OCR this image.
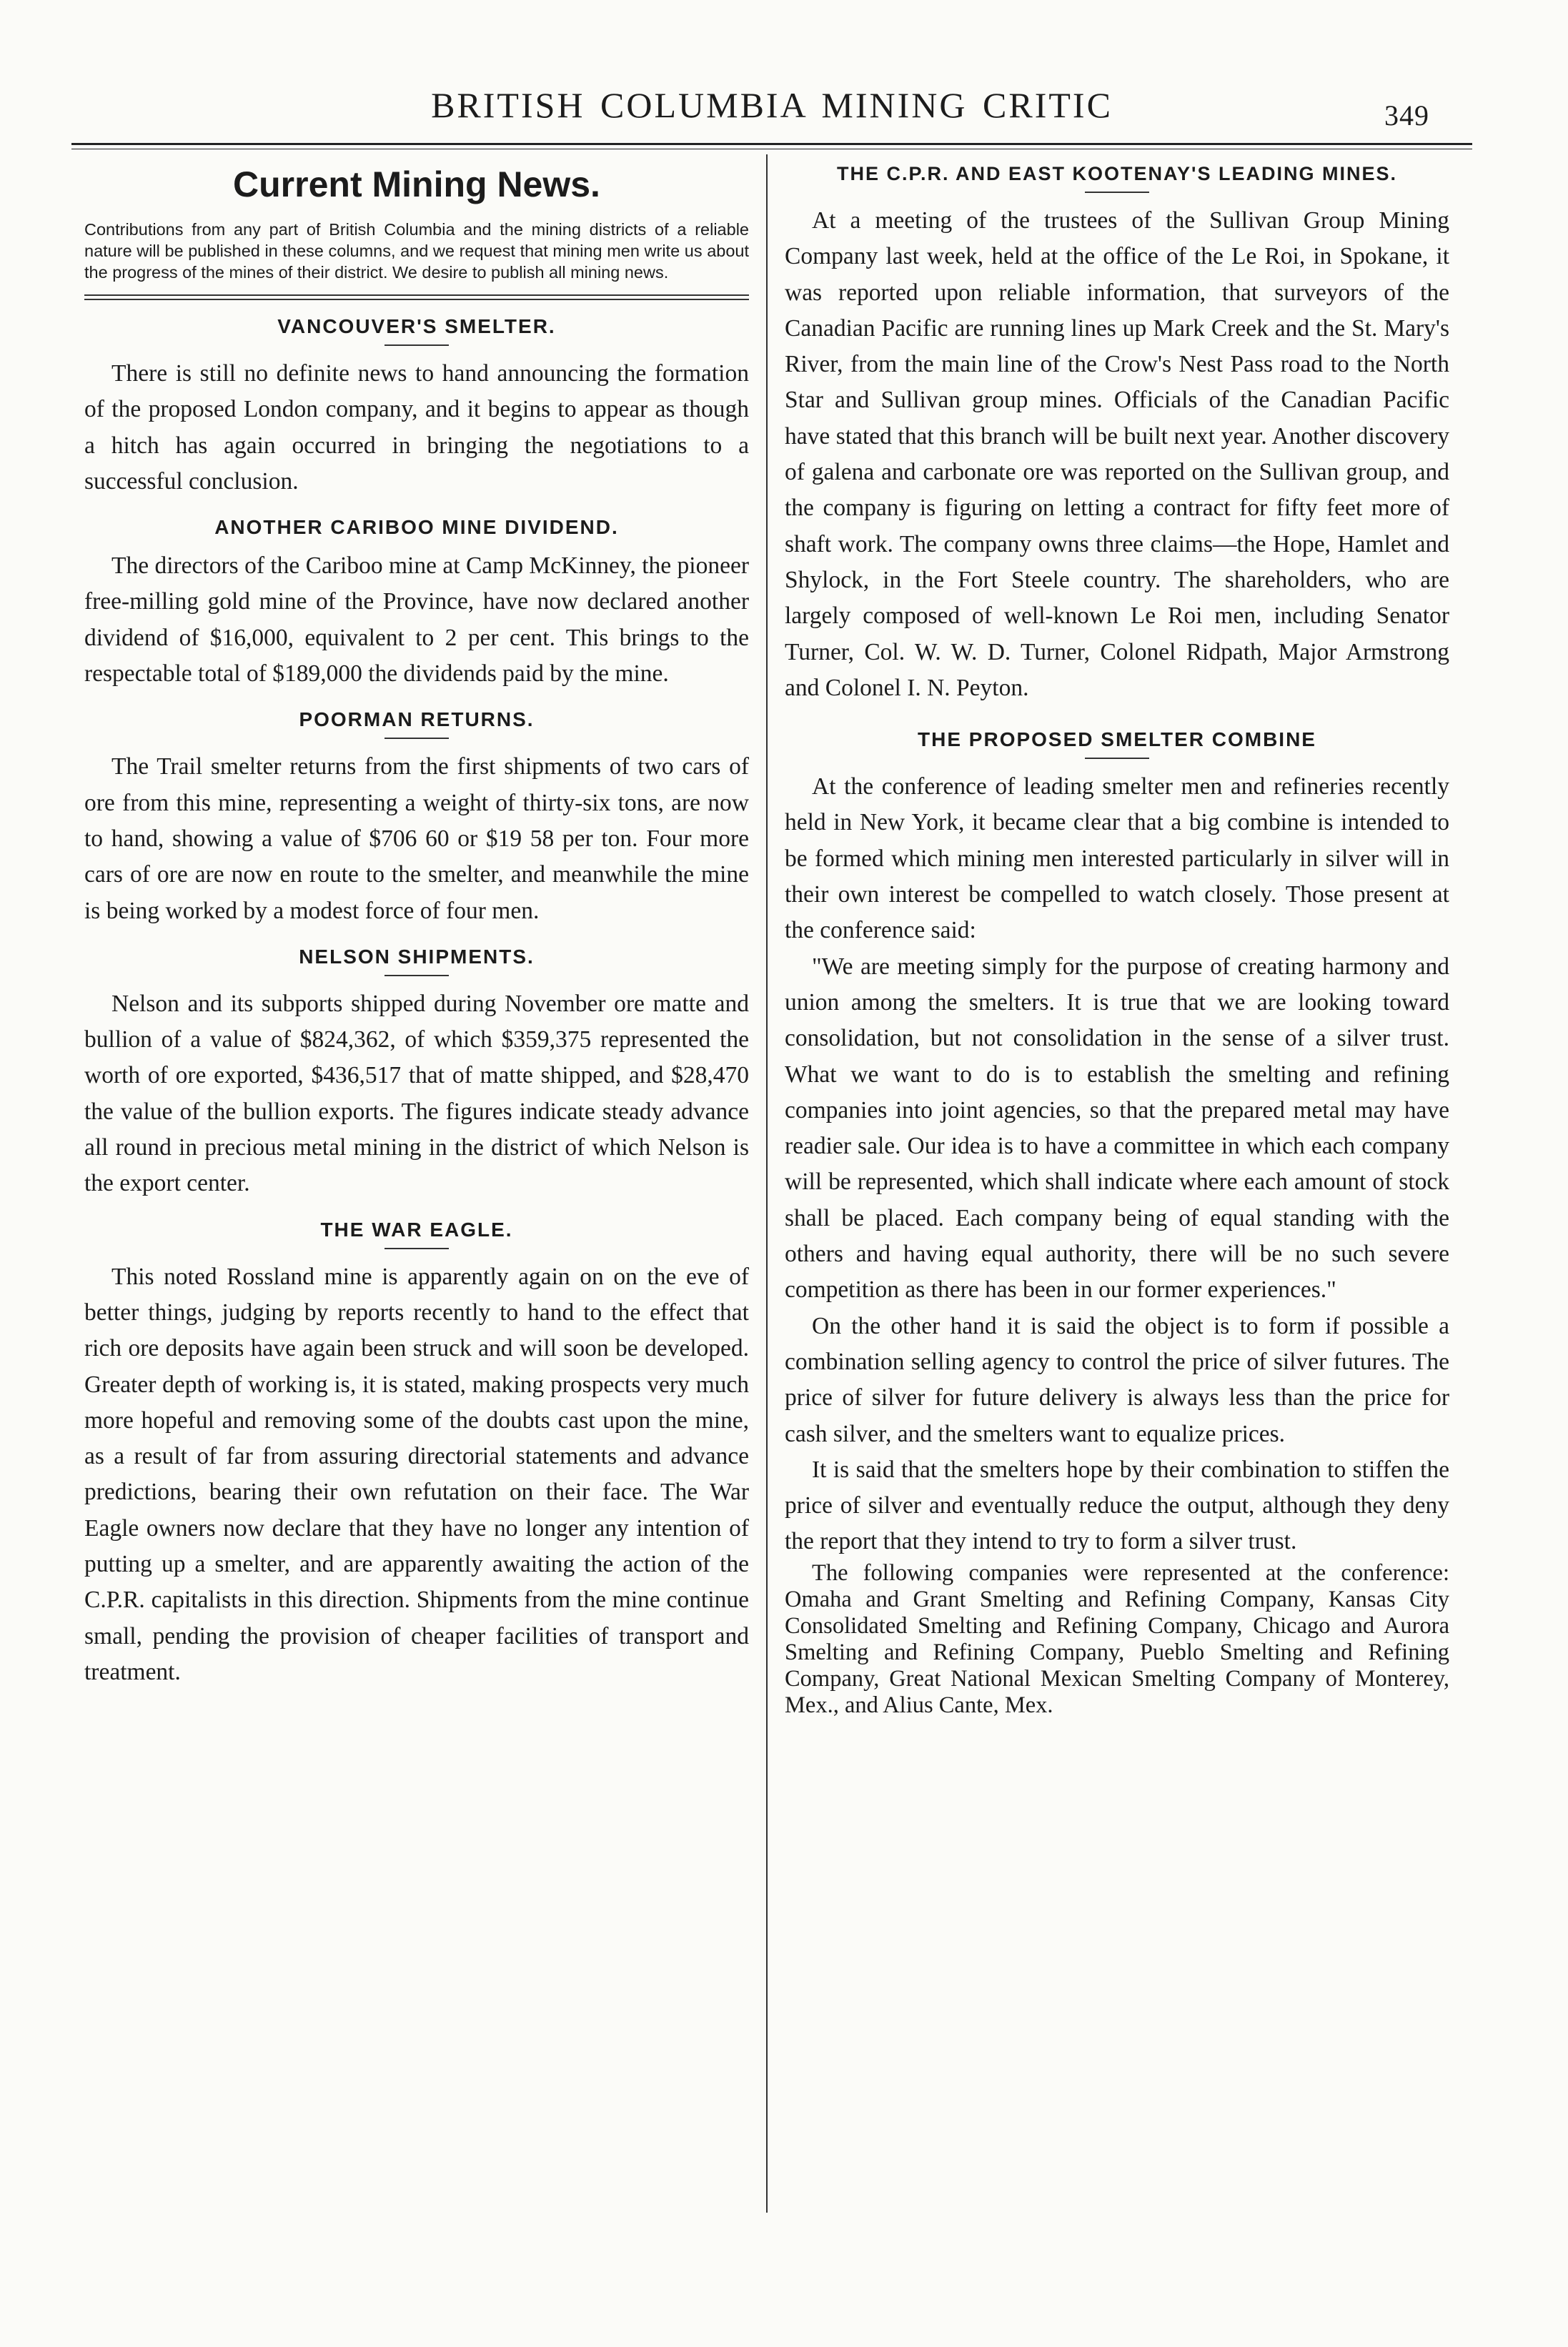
BRITISH COLUMBIA MINING CRITIC	349
Current Mining News.
Contributions from any part of British Columbia and the mining districts of a reliable nature will be published in these columns, and we request that mining men write us about the progress of the mines of their district. We desire to publish all mining news.
VANCOUVER'S SMELTER.

There is still no definite news to hand announcing the formation of the proposed London company, and it begins to appear as though a hitch has again occurred in bringing the negotiations to a successful conclusion.

ANOTHER CARIBOO MINE DIVIDEND.

The directors of the Cariboo mine at Camp McKinney, the pioneer free-milling gold mine of the Province, have now declared another dividend of $16,000, equivalent to 2 per cent. This brings to the respectable total of $189,000 the dividends paid by the mine.

POORMAN RETURNS.

The Trail smelter returns from the first shipments of two cars of ore from this mine, representing a weight of thirty-six tons, are now to hand, showing a value of $706 60 or $19 58 per ton. Four more cars of ore are now en route to the smelter, and meanwhile the mine is being worked by a modest force of four men.

NELSON SHIPMENTS.

Nelson and its subports shipped during November ore matte and bullion of a value of $824,362, of which $359,375 represented the worth of ore exported, $436,517 that of matte shipped, and $28,470 the value of the bullion exports. The figures indicate steady advance all round in precious metal mining in the district of which Nelson is the export center.

THE WAR EAGLE.

This noted Rossland mine is apparently again on on the eve of better things, judging by reports recently to hand to the effect that rich ore deposits have again been struck and will soon be developed. Greater depth of working is, it is stated, making prospects very much more hopeful and removing some of the doubts cast upon the mine, as a result of far from assuring directorial statements and advance predictions, bearing their own refutation on their face. The War Eagle owners now declare that they have no longer any intention of putting up a smelter, and are apparently awaiting the action of the C.P.R. capitalists in this direction. Shipments from the mine continue small, pending the provision of cheaper facilities of transport and treatment.

THE C.P.R. AND EAST KOOTENAY'S LEADING MINES.

At a meeting of the trustees of the Sullivan Group Mining Company last week, held at the office of the Le Roi, in Spokane, it was reported upon reliable information, that surveyors of the Canadian Pacific are running lines up Mark Creek and the St. Mary's River, from the main line of the Crow's Nest Pass road to the North Star and Sullivan group mines. Officials of the Canadian Pacific have stated that this branch will be built next year. Another discovery of galena and carbonate ore was reported on the Sullivan group, and the company is figuring on letting a contract for fifty feet more of shaft work. The company owns three claims—the Hope, Hamlet and Shylock, in the Fort Steele country. The shareholders, who are largely composed of well-known Le Roi men, including Senator Turner, Col. W. W. D. Turner, Colonel Ridpath, Major Armstrong and Colonel I. N. Peyton.

THE PROPOSED SMELTER COMBINE

At the conference of leading smelter men and refineries recently held in New York, it became clear that a big combine is intended to be formed which mining men interested particularly in silver will in their own interest be compelled to watch closely. Those present at the conference said:

"We are meeting simply for the purpose of creating harmony and union among the smelters. It is true that we are looking toward consolidation, but not consolidation in the sense of a silver trust. What we want to do is to establish the smelting and refining companies into joint agencies, so that the prepared metal may have readier sale. Our idea is to have a committee in which each company will be represented, which shall indicate where each amount of stock shall be placed. Each company being of equal standing with the others and having equal authority, there will be no such severe competition as there has been in our former experiences."

On the other hand it is said the object is to form if possible a combination selling agency to control the price of silver futures. The price of silver for future delivery is always less than the price for cash silver, and the smelters want to equalize prices.

It is said that the smelters hope by their combination to stiffen the price of silver and eventually reduce the output, although they deny the report that they intend to try to form a silver trust.

The following companies were represented at the conference: Omaha and Grant Smelting and Refining Company, Kansas City Consolidated Smelting and Refining Company, Chicago and Aurora Smelting and Refining Company, Pueblo Smelting and Refining Company, Great National Mexican Smelting Company of Monterey, Mex., and Alius Cante, Mex.
